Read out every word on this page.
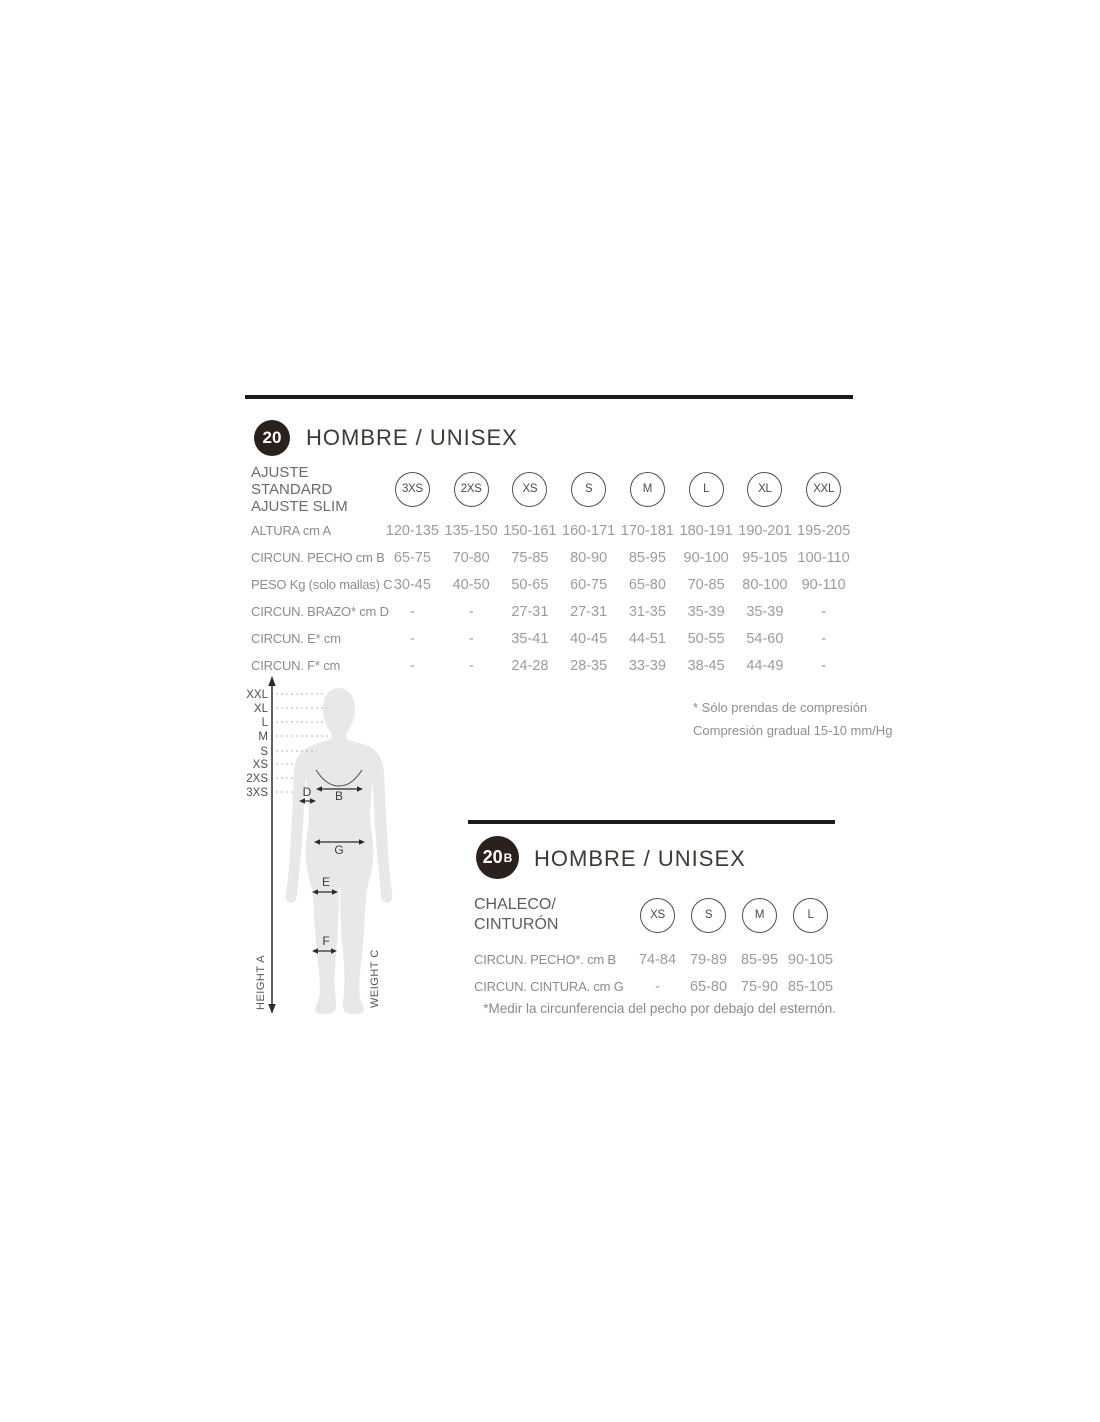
20 HOMBRE / UNISEX
AJUSTE STANDARD
AJUSTE SLIM
3XS	2XS	XS	S	M	L	XL	XXL
ALTURA cm A	120-135 135-150 150-161 160-171 170-181 180-191 190-201 195-205
CIRCUN. PECHO cm B 65-75	70-80	75-85	80-90	85-95	90-100 95-105 100-110
PESO Kg (solo mallas) C 30-45	40-50	50-65	60-75	65-80	70-85	80-100 90-110
CIRCUN. BRAZO* cm D	-	-	27-31	27-31	31-35	35-39	35-39	-
CIRCUN. E* cm	-	-	35-41	40-45	44-51	50-55	54-60	-
CIRCUN. F* cm	-	-	24-28	28-35	33-39	38-45	44-49	-
* Sólo prendas de compresión
Compresión gradual 15-10 mm/Hg
XXL
XL
L
M
S
XS
2XS
3XS	B
D
G
E
F
HEIGHT A	WEIGHT C
20 B HOMBRE / UNISEX
CHALECO/
CINTURÓN
XS	S	M	L
CIRCUN. PECHO*. cm B	74-84 79-89 85-95 90-105
CIRCUN. CINTURA. cm G	-	65-80 75-90 85-105
*Medir la circunferencia del pecho por debajo del esternón.
